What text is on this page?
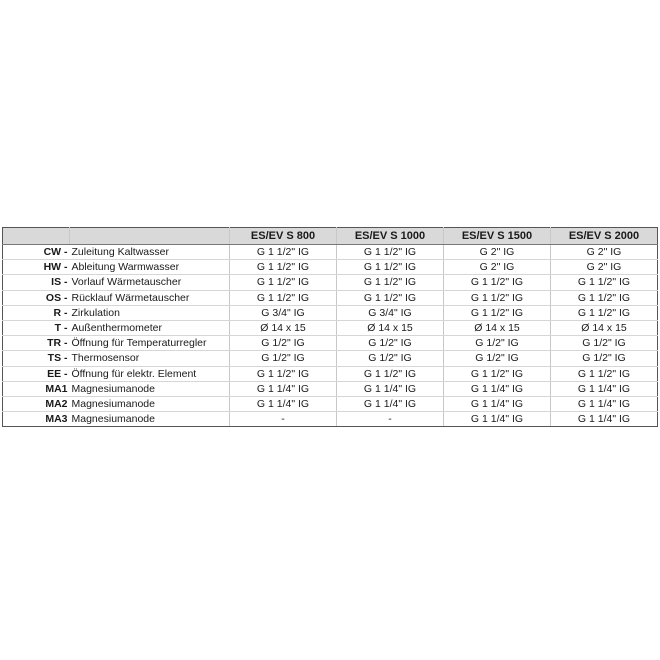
		ES/EV S 800	ES/EV S 1000	ES/EV S 1500	ES/EV S 2000
CW -	Zuleitung Kaltwasser	G 1 1/2" IG	G 1 1/2" IG	G 2" IG	G 2" IG
HW -	Ableitung Warmwasser	G 1 1/2" IG	G 1 1/2" IG	G 2" IG	G 2" IG
IS -	Vorlauf Wärmetauscher	G 1 1/2" IG	G 1 1/2" IG	G 1 1/2" IG	G 1 1/2" IG
OS -	Rücklauf Wärmetauscher	G 1 1/2" IG	G 1 1/2" IG	G 1 1/2" IG	G 1 1/2" IG
R -	Zirkulation	G 3/4" IG	G 3/4" IG	G 1 1/2" IG	G 1 1/2" IG
T -	Außenthermometer	Ø 14 x 15	Ø 14 x 15	Ø 14 x 15	Ø 14 x 15
TR -	Öffnung für Temperaturregler	G 1/2" IG	G 1/2" IG	G 1/2" IG	G 1/2" IG
TS -	Thermosensor	G 1/2" IG	G 1/2" IG	G 1/2" IG	G 1/2" IG
EE -	Öffnung für elektr. Element	G 1 1/2" IG	G 1 1/2" IG	G 1 1/2" IG	G 1 1/2" IG
MA1	Magnesiumanode	G 1 1/4" IG	G 1 1/4" IG	G 1 1/4" IG	G 1 1/4" IG
MA2	Magnesiumanode	G 1 1/4" IG	G 1 1/4" IG	G 1 1/4" IG	G 1 1/4" IG
MA3	Magnesiumanode	-	-	G 1 1/4" IG	G 1 1/4" IG
